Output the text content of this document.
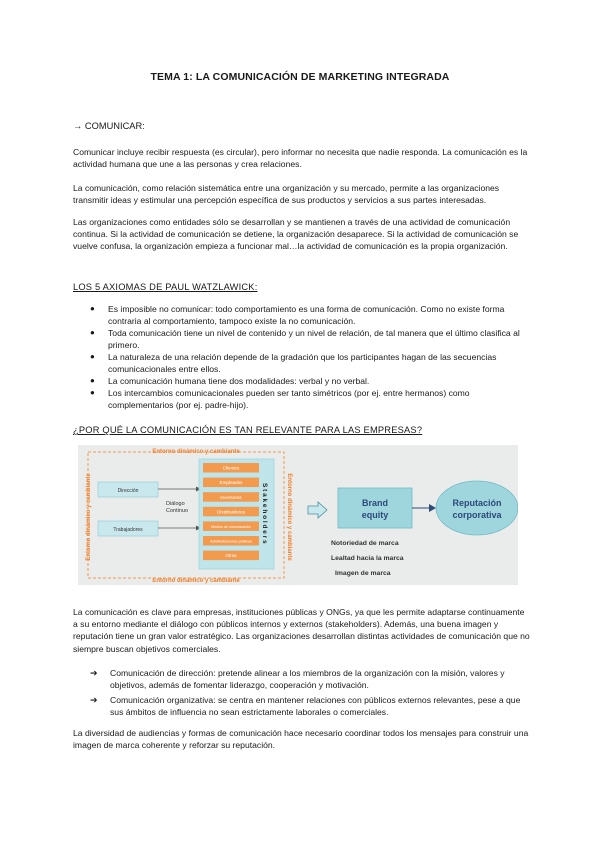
TEMA 1: LA COMUNICACIÓN DE MARKETING INTEGRADA
→ COMUNICAR:
Comunicar incluye recibir respuesta (es circular), pero informar no necesita que nadie responda. La comunicación es la actividad humana que une a las personas y crea relaciones.
La comunicación, como relación sistemática entre una organización y su mercado, permite a las organizaciones transmitir ideas y estimular una percepción específica de sus productos y servicios a sus partes interesadas.
Las organizaciones como entidades sólo se desarrollan y se mantienen a través de una actividad de comunicación continua. Si la actividad de comunicación se detiene, la organización desaparece. Si la actividad de comunicación se vuelve confusa, la organización empieza a funcionar mal…la actividad de comunicación es la propia organización.
LOS 5 AXIOMAS DE PAUL WATZLAWICK:
● Es imposible no comunicar: todo comportamiento es una forma de comunicación. Como no existe forma contraria al comportamiento, tampoco existe la no comunicación.
● Toda comunicación tiene un nivel de contenido y un nivel de relación, de tal manera que el último clasifica al primero.
● La naturaleza de una relación depende de la gradación que los participantes hagan de las secuencias comunicacionales entre ellos.
● La comunicación humana tiene dos modalidades: verbal y no verbal.
● Los intercambios comunicacionales pueden ser tanto simétricos (por ej. entre hermanos) como complementarios (por ej. padre-hijo).
¿POR QUÉ LA COMUNICACIÓN ES TAN RELEVANTE PARA LAS EMPRESAS?
Entorno dinámico y cambiante
Entorno dinámico y cambiante
Entorno dinámico y cambiante	Entorno dinámico y cambiante
Dirección
Trabajadores
Diálogo
Continuo
Clientes
Empleados
Inversores
Distribuidores
Medios de comunicación
Administraciones públicas
Otros
Stakeholders	Brand
equity
Reputación
corporativa
Notoriedad de marca
Lealtad hacia la marca
Imagen de marca
La comunicación es clave para empresas, instituciones públicas y ONGs, ya que les permite adaptarse continuamente a su entorno mediante el diálogo con públicos internos y externos (stakeholders). Además, una buena imagen y reputación tiene un gran valor estratégico. Las organizaciones desarrollan distintas actividades de comunicación que no siempre buscan objetivos comerciales.
➔ Comunicación de dirección: pretende alinear a los miembros de la organización con la misión, valores y objetivos, además de fomentar liderazgo, cooperación y motivación.
➔ Comunicación organizativa: se centra en mantener relaciones con públicos externos relevantes, pese a que sus ámbitos de influencia no sean estrictamente laborales o comerciales.
La diversidad de audiencias y formas de comunicación hace necesario coordinar todos los mensajes para construir una imagen de marca coherente y reforzar su reputación.
